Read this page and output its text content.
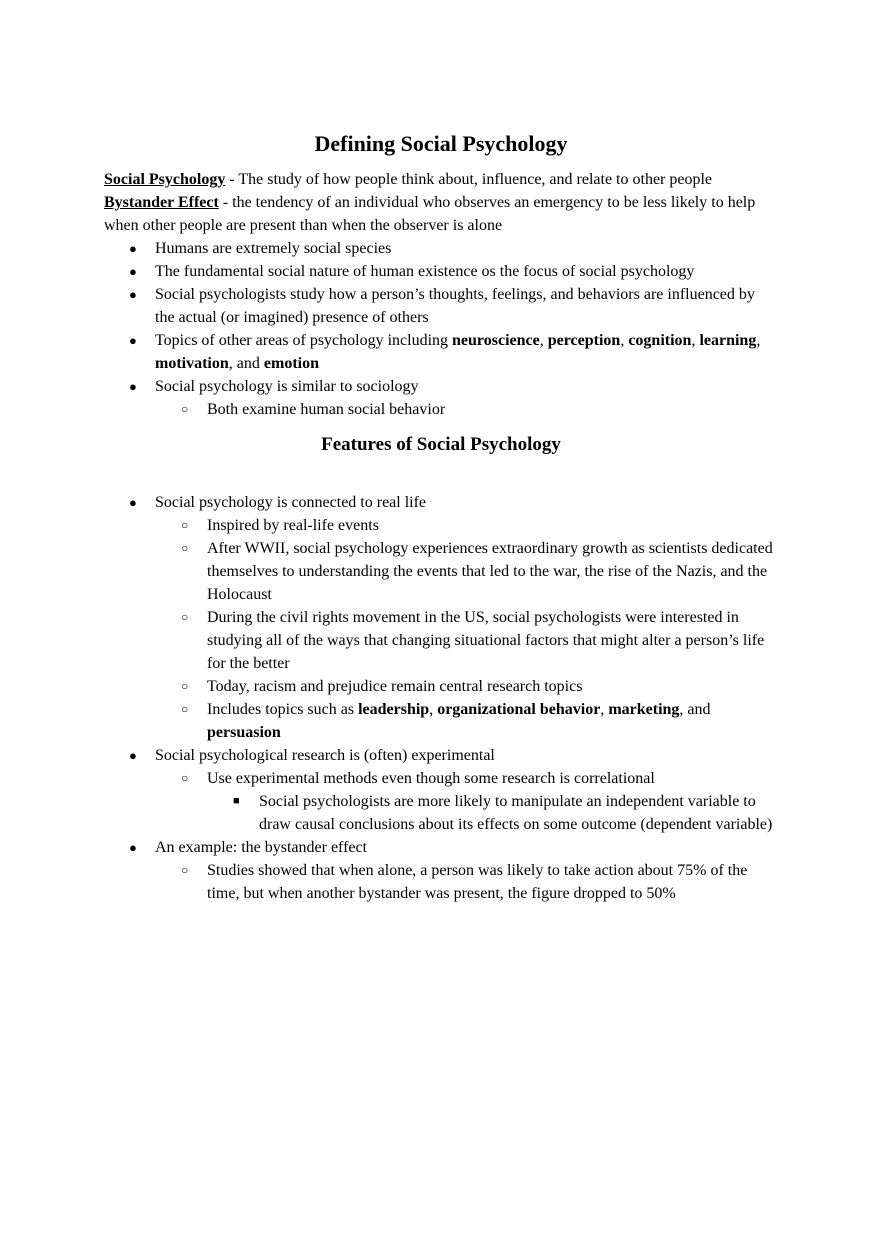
Defining Social Psychology

Social Psychology - The study of how people think about, influence, and relate to other people

Bystander Effect - the tendency of an individual who observes an emergency to be less likely to help when other people are present than when the observer is alone

● Humans are extremely social species
● The fundamental social nature of human existence os the focus of social psychology
● Social psychologists study how a person’s thoughts, feelings, and behaviors are influenced by the actual (or imagined) presence of others
● Topics of other areas of psychology including neuroscience, perception, cognition, learning, motivation, and emotion
● Social psychology is similar to sociology
○ Both examine human social behavior
Features of Social Psychology
● Social psychology is connected to real life
○ Inspired by real-life events
○ After WWII, social psychology experiences extraordinary growth as scientists dedicated themselves to understanding the events that led to the war, the rise of the Nazis, and the Holocaust
○ During the civil rights movement in the US, social psychologists were interested in studying all of the ways that changing situational factors that might alter a person’s life for the better
○ Today, racism and prejudice remain central research topics
○ Includes topics such as leadership, organizational behavior, marketing, and persuasion
● Social psychological research is (often) experimental
○ Use experimental methods even though some research is correlational
■ Social psychologists are more likely to manipulate an independent variable to draw causal conclusions about its effects on some outcome (dependent variable)
● An example: the bystander effect
○ Studies showed that when alone, a person was likely to take action about 75% of the time, but when another bystander was present, the figure dropped to 50%
